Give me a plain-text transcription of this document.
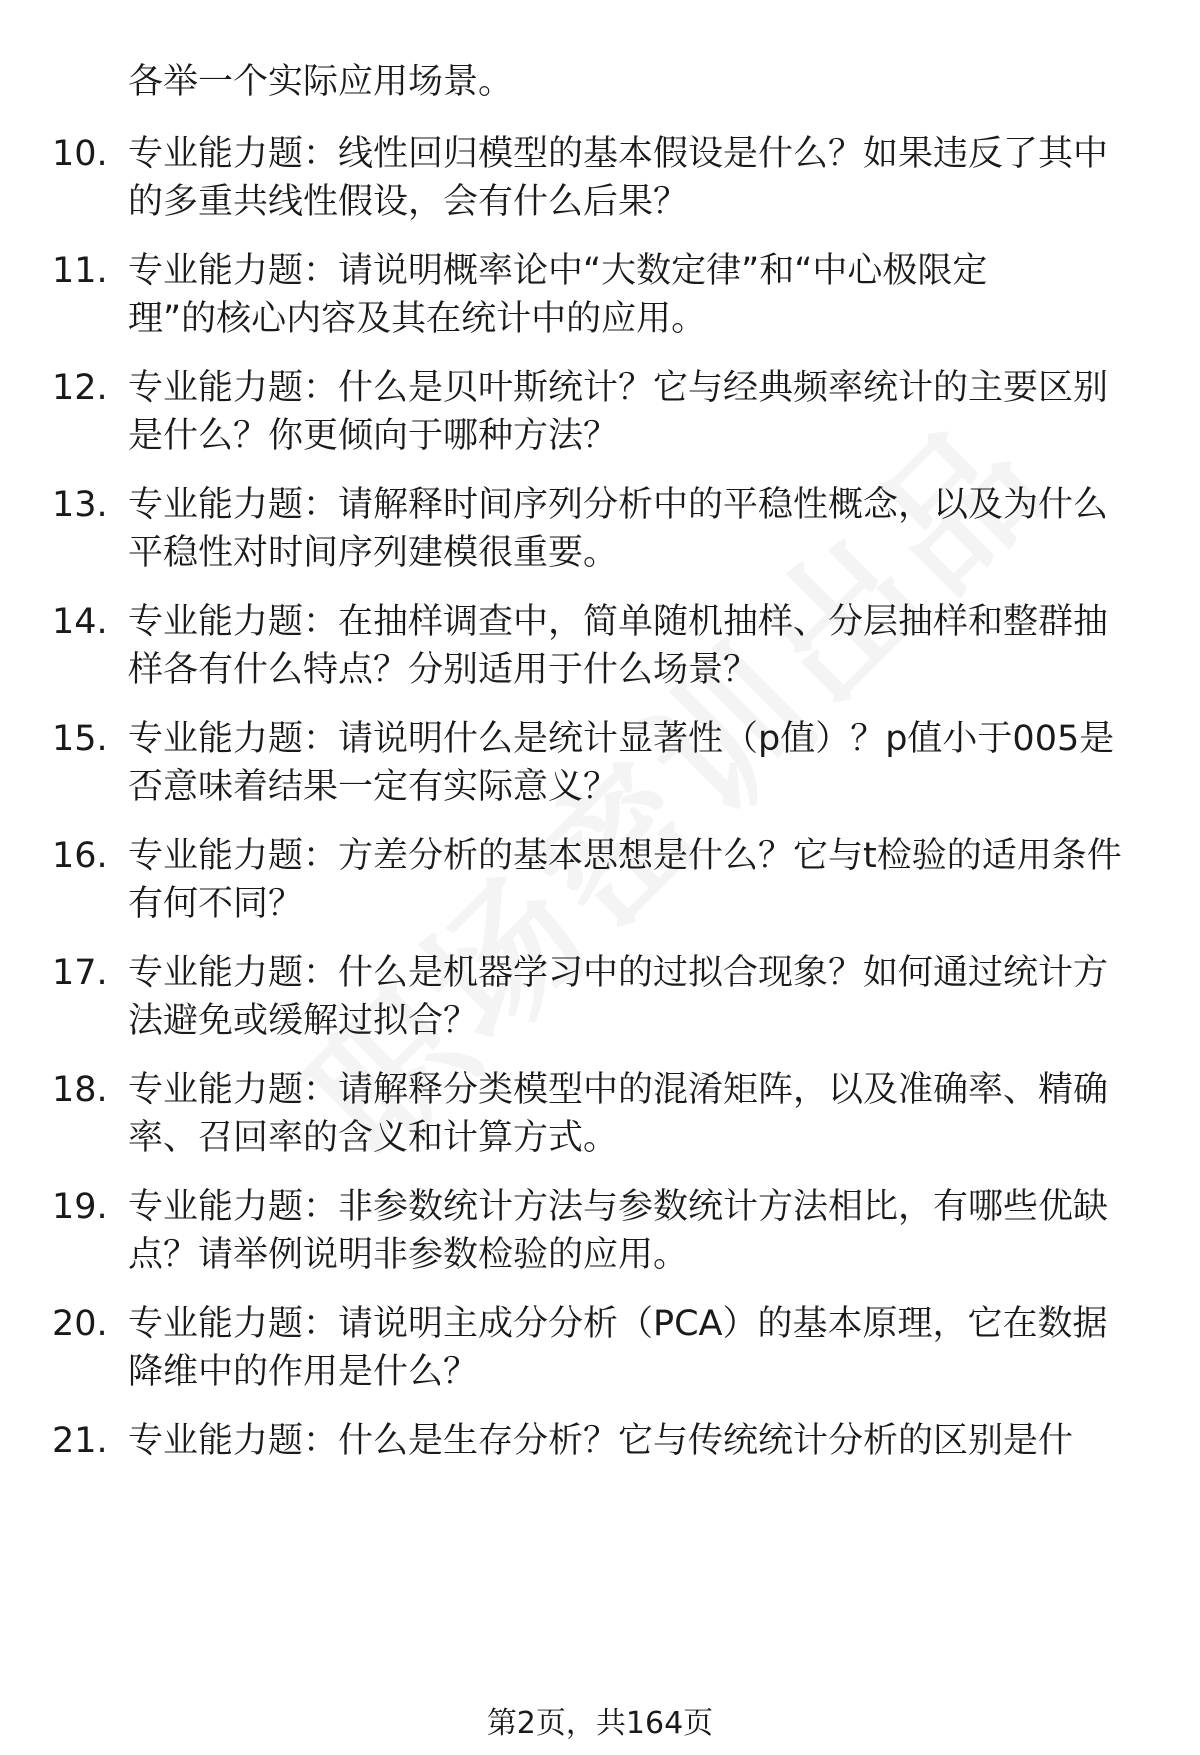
各举一个实际应用场景。
10. 专业能力题：线性回归模型的基本假设是什么？如果违反了其中
的多重共线性假设，会有什么后果？
11. 专业能力题：请说明概率论中“大数定律”和“中心极限定
理”的核心内容及其在统计中的应用。
12. 专业能力题：什么是贝叶斯统计？它与经典频率统计的主要区别
是什么？你更倾向于哪种方法？
13. 专业能力题：请解释时间序列分析中的平稳性概念，以及为什么
平稳性对时间序列建模很重要。
14. 专业能力题：在抽样调查中，简单随机抽样、分层抽样和整群抽
样各有什么特点？分别适用于什么场景？
15. 专业能力题：请说明什么是统计显著性（p值）？p值小于005是
否意味着结果一定有实际意义？
16. 专业能力题：方差分析的基本思想是什么？它与t检验的适用条件
有何不同？
17. 专业能力题：什么是机器学习中的过拟合现象？如何通过统计方
法避免或缓解过拟合？
18. 专业能力题：请解释分类模型中的混淆矩阵，以及准确率、精确
率、召回率的含义和计算方式。
19. 专业能力题：非参数统计方法与参数统计方法相比，有哪些优缺
点？请举例说明非参数检验的应用。
20. 专业能力题：请说明主成分分析（PCA）的基本原理，它在数据
降维中的作用是什么？
21. 专业能力题：什么是生存分析？它与传统统计分析的区别是什
第2页，共164页
